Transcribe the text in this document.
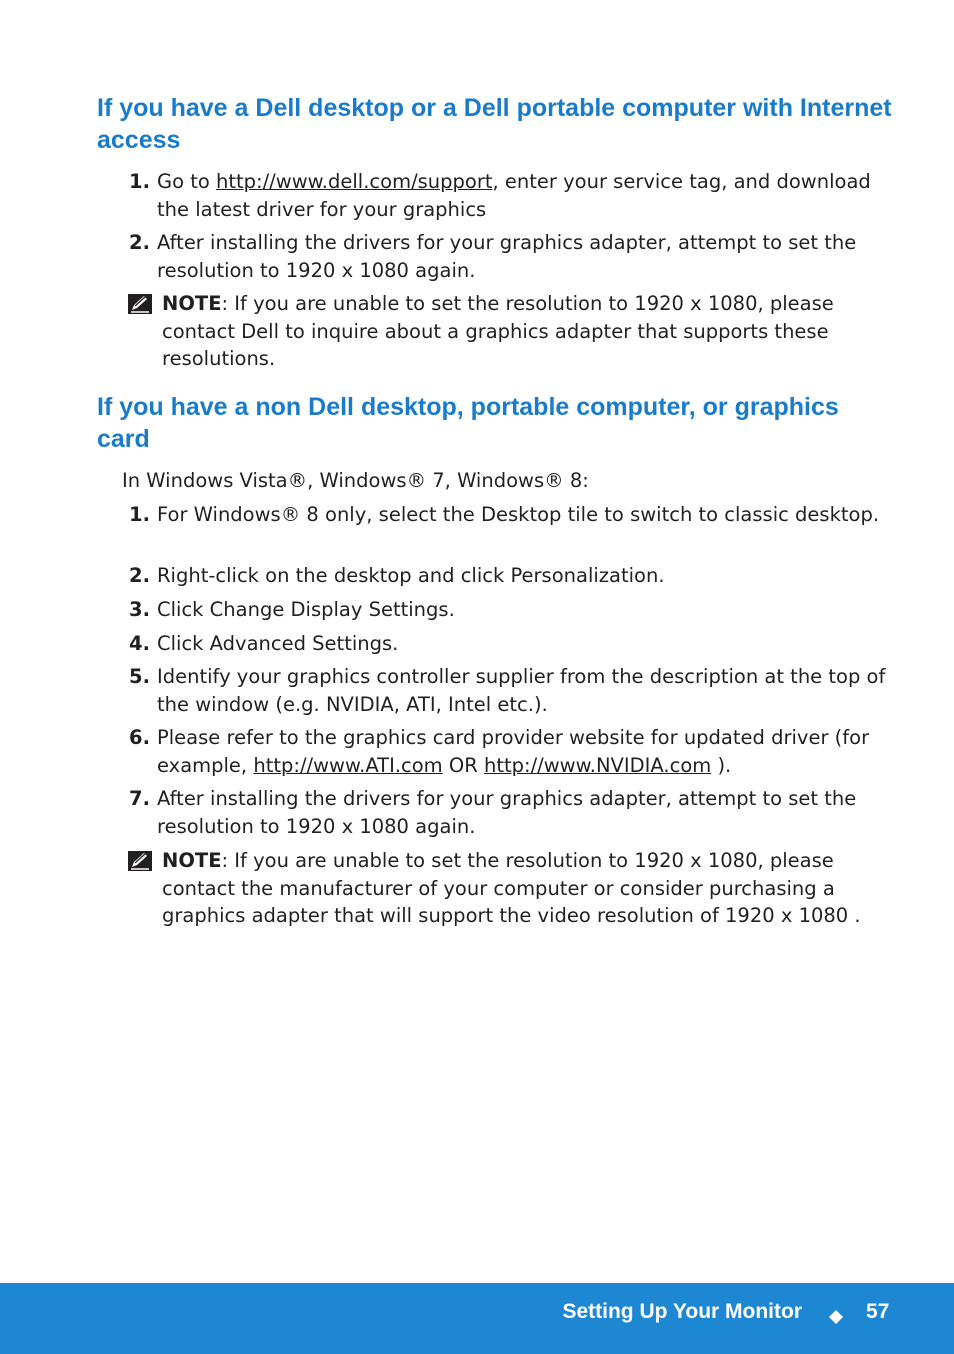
If you have a Dell desktop or a Dell portable computer with Internet access
1. Go to http://www.dell.com/support, enter your service tag, and download the latest driver for your graphics
2. After installing the drivers for your graphics adapter, attempt to set the resolution to 1920 x 1080 again.
NOTE: If you are unable to set the resolution to 1920 x 1080, please contact Dell to inquire about a graphics adapter that supports these resolutions.
If you have a non Dell desktop, portable computer, or graphics card
In Windows Vista®, Windows® 7, Windows® 8:
1. For Windows® 8 only, select the Desktop tile to switch to classic desktop.
2. Right-click on the desktop and click Personalization.
3. Click Change Display Settings.
4. Click Advanced Settings.
5. Identify your graphics controller supplier from the description at the top of the window (e.g. NVIDIA, ATI, Intel etc.).
6. Please refer to the graphics card provider website for updated driver (for example, http://www.ATI.com OR http://www.NVIDIA.com ).
7. After installing the drivers for your graphics adapter, attempt to set the resolution to 1920 x 1080 again.
NOTE: If you are unable to set the resolution to 1920 x 1080, please contact the manufacturer of your computer or consider purchasing a graphics adapter that will support the video resolution of 1920 x 1080 .
Setting Up Your Monitor	57
